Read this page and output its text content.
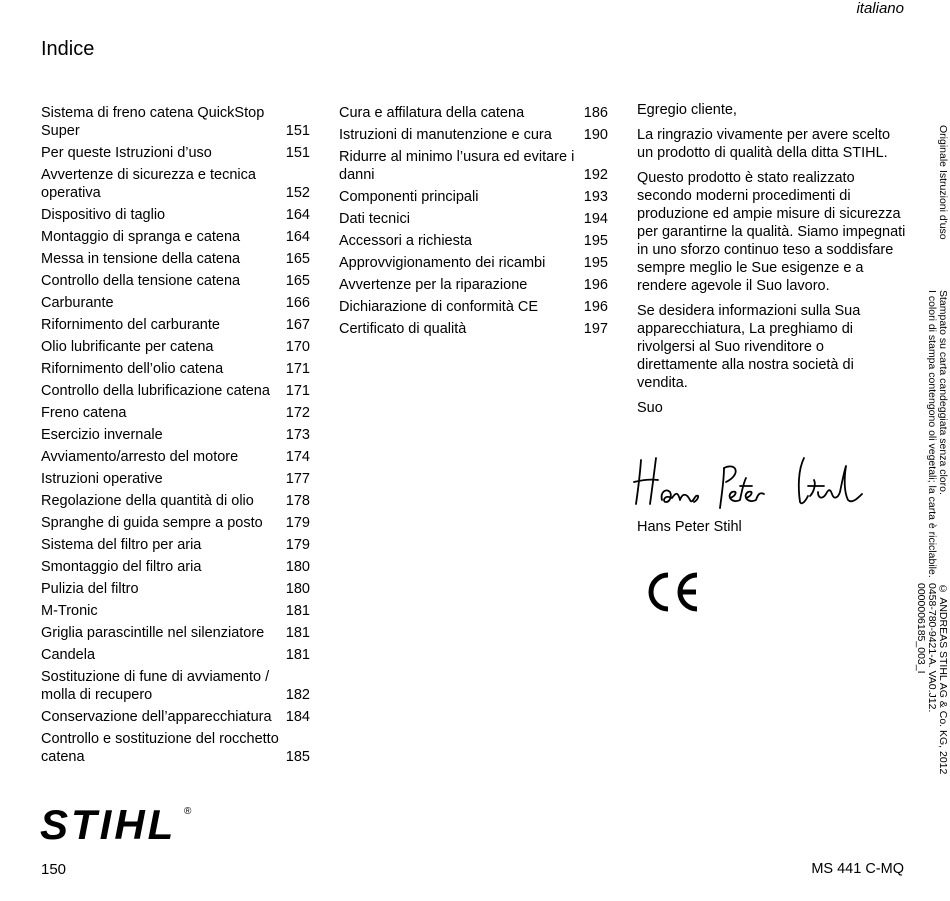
italiano
Indice
Sistema di freno catena QuickStop Super	151
Per queste Istruzioni d’uso	151
Avvertenze di sicurezza e tecnica operativa	152
Dispositivo di taglio	164
Montaggio di spranga e catena	164
Messa in tensione della catena	165
Controllo della tensione catena	165
Carburante	166
Rifornimento del carburante	167
Olio lubrificante per catena	170
Rifornimento dell’olio catena	171
Controllo della lubrificazione catena	171
Freno catena	172
Esercizio invernale	173
Avviamento/arresto del motore	174
Istruzioni operative	177
Regolazione della quantità di olio	178
Spranghe di guida sempre a posto	179
Sistema del filtro per aria	179
Smontaggio del filtro aria	180
Pulizia del filtro	180
M-Tronic	181
Griglia parascintille nel silenziatore	181
Candela	181
Sostituzione di fune di avviamento / molla di recupero	182
Conservazione dell’apparecchiatura 184
Controllo e sostituzione del rocchetto catena	185
Cura e affilatura della catena	186
Istruzioni di manutenzione e cura	190
Ridurre al minimo l’usura ed evitare i danni	192
Componenti principali	193
Dati tecnici	194
Accessori a richiesta	195
Approvvigionamento dei ricambi	195
Avvertenze per la riparazione	196
Dichiarazione di conformità CE	196
Certificato di qualità	197

Egregio cliente,

La ringrazio vivamente per avere scelto un prodotto di qualità della ditta STIHL.

Questo prodotto è stato realizzato secondo moderni procedimenti di produzione ed ampie misure di sicurezza per garantirne la qualità. Siamo impegnati in uno sforzo continuo teso a soddisfare sempre meglio le Sue esigenze e a rendere agevole il Suo lavoro.

Se desidera informazioni sulla Sua apparecchiatura, La preghiamo di rivolgersi al Suo rivenditore o direttamente alla nostra società di vendita.

Suo

Hans Peter Stihl
Originale Istruzioni d'uso
Stampato su carta candeggiata senza cloro.
I colori di stampa contengono oli vegetali; la carta è riciclabile.
© ANDREAS STIHL AG & Co. KG, 2012
0458-780-9421-A. VA0.J12.
0000006185_003_I
STIHL ®
150	MS 441 C-MQ
